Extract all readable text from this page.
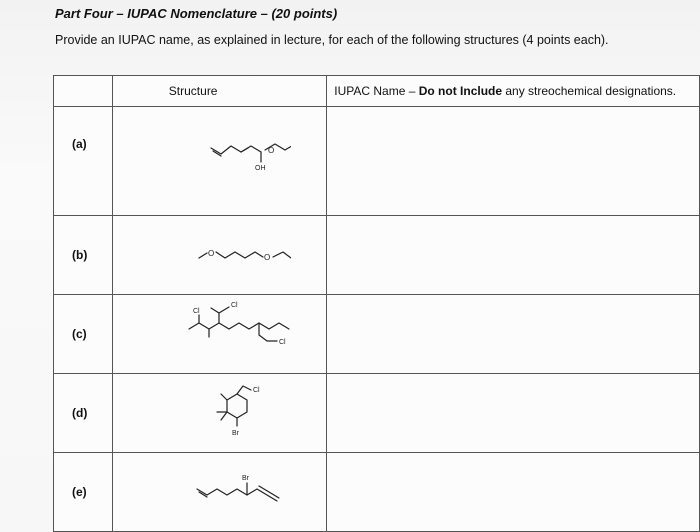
Part Four – IUPAC Nomenclature – (20 points)
Provide an IUPAC name, as explained in lecture, for each of the following structures (4 points each).
	Structure	IUPAC Name – Do not Include any streochemical designations.
(a)	O
OH	

(b)	O O	

(c)	Cl
Cl
Cl	

(d)	Cl
Br	

(e)	Br	
